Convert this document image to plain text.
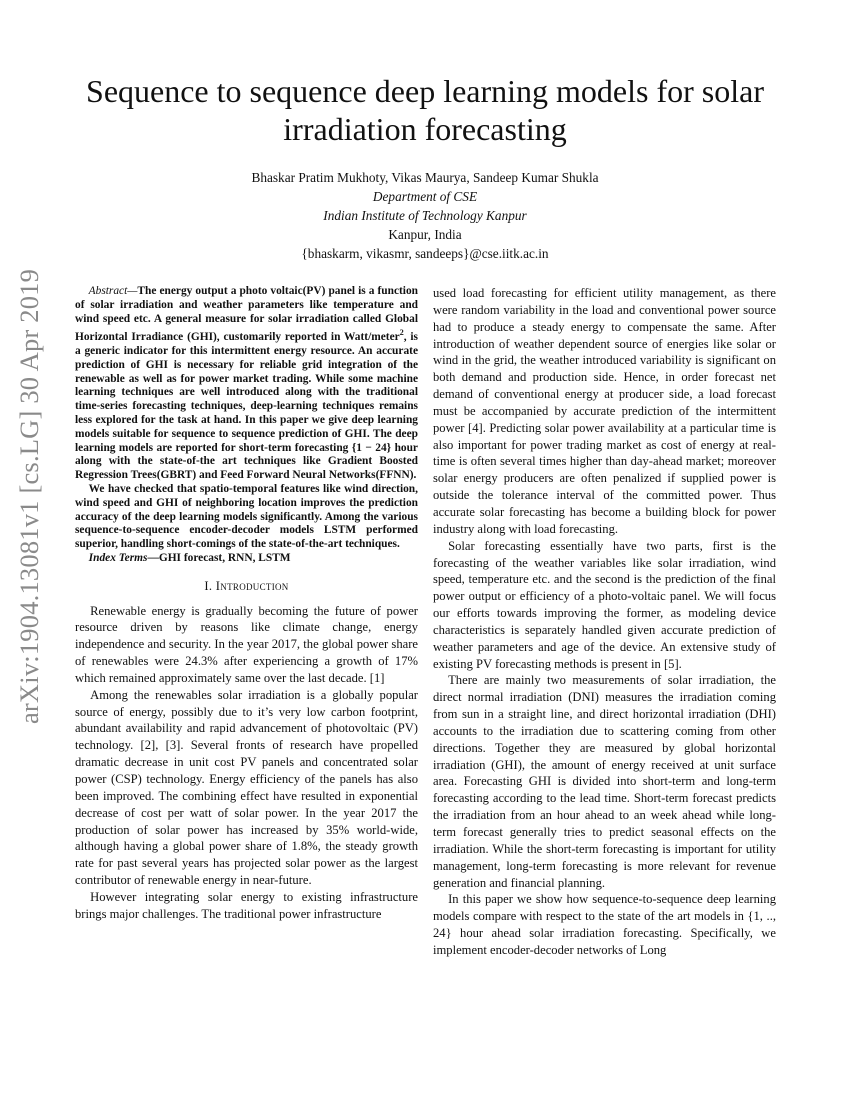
arXiv:1904.13081v1 [cs.LG] 30 Apr 2019
Sequence to sequence deep learning models for solar irradiation forecasting
Bhaskar Pratim Mukhoty, Vikas Maurya, Sandeep Kumar Shukla
Department of CSE
Indian Institute of Technology Kanpur
Kanpur, India
{bhaskarm, vikasmr, sandeeps}@cse.iitk.ac.in

Abstract—The energy output a photo voltaic(PV) panel is a function of solar irradiation and weather parameters like temperature and wind speed etc. A general measure for solar irradiation called Global Horizontal Irradiance (GHI), customarily reported in Watt/meter$^2$, is a generic indicator for this intermittent energy resource. An accurate prediction of GHI is necessary for reliable grid integration of the renewable as well as for power market trading. While some machine learning techniques are well introduced along with the traditional time-series forecasting techniques, deep-learning techniques remains less explored for the task at hand. In this paper we give deep learning models suitable for sequence to sequence prediction of GHI. The deep learning models are reported for short-term forecasting {1 − 24} hour along with the state-of-the art techniques like Gradient Boosted Regression Trees(GBRT) and Feed Forward Neural Networks(FFNN).

We have checked that spatio-temporal features like wind direction, wind speed and GHI of neighboring location improves the prediction accuracy of the deep learning models significantly. Among the various sequence-to-sequence encoder-decoder models LSTM performed superior, handling short-comings of the state-of-the-art techniques.

Index Terms—GHI forecast, RNN, LSTM

I. Introduction

Renewable energy is gradually becoming the future of power resource driven by reasons like climate change, energy independence and security. In the year 2017, the global power share of renewables were 24.3% after experiencing a growth of 17% which remained approximately same over the last decade. [1]

Among the renewables solar irradiation is a globally popular source of energy, possibly due to it’s very low carbon footprint, abundant availability and rapid advancement of photovoltaic (PV) technology. [2], [3]. Several fronts of research have propelled dramatic decrease in unit cost PV panels and concentrated solar power (CSP) technology. Energy efficiency of the panels has also been improved. The combining effect have resulted in exponential decrease of cost per watt of solar power. In the year 2017 the production of solar power has increased by 35% world-wide, although having a global power share of 1.8%, the steady growth rate for past several years has projected solar power as the largest contributor of renewable energy in near-future.

However integrating solar energy to existing infrastructure brings major challenges. The traditional power infrastructure

used load forecasting for efficient utility management, as there were random variability in the load and conventional power source had to produce a steady energy to compensate the same. After introduction of weather dependent source of energies like solar or wind in the grid, the weather introduced variability is significant on both demand and production side. Hence, in order forecast net demand of conventional energy at producer side, a load forecast must be accompanied by accurate prediction of the intermittent power [4]. Predicting solar power availability at a particular time is also important for power trading market as cost of energy at real-time is often several times higher than day-ahead market; moreover solar energy producers are often penalized if supplied power is outside the tolerance interval of the committed power. Thus accurate solar forecasting has become a building block for power industry along with load forecasting.

Solar forecasting essentially have two parts, first is the forecasting of the weather variables like solar irradiation, wind speed, temperature etc. and the second is the prediction of the final power output or efficiency of a photo-voltaic panel. We will focus our efforts towards improving the former, as modeling device characteristics is separately handled given accurate prediction of weather parameters and age of the device. An extensive study of existing PV forecasting methods is present in [5].

There are mainly two measurements of solar irradiation, the direct normal irradiation (DNI) measures the irradiation coming from sun in a straight line, and direct horizontal irradiation (DHI) accounts to the irradiation due to scattering coming from other directions. Together they are measured by global horizontal irradiation (GHI), the amount of energy received at unit surface area. Forecasting GHI is divided into short-term and long-term forecasting according to the lead time. Short-term forecast predicts the irradiation from an hour ahead to an week ahead while long-term forecast generally tries to predict seasonal effects on the irradiation. While the short-term forecasting is important for utility management, long-term forecasting is more relevant for revenue generation and financial planning.

In this paper we show how sequence-to-sequence deep learning models compare with respect to the state of the art models in {1, .., 24} hour ahead solar irradiation forecasting. Specifically, we implement encoder-decoder networks of Long
